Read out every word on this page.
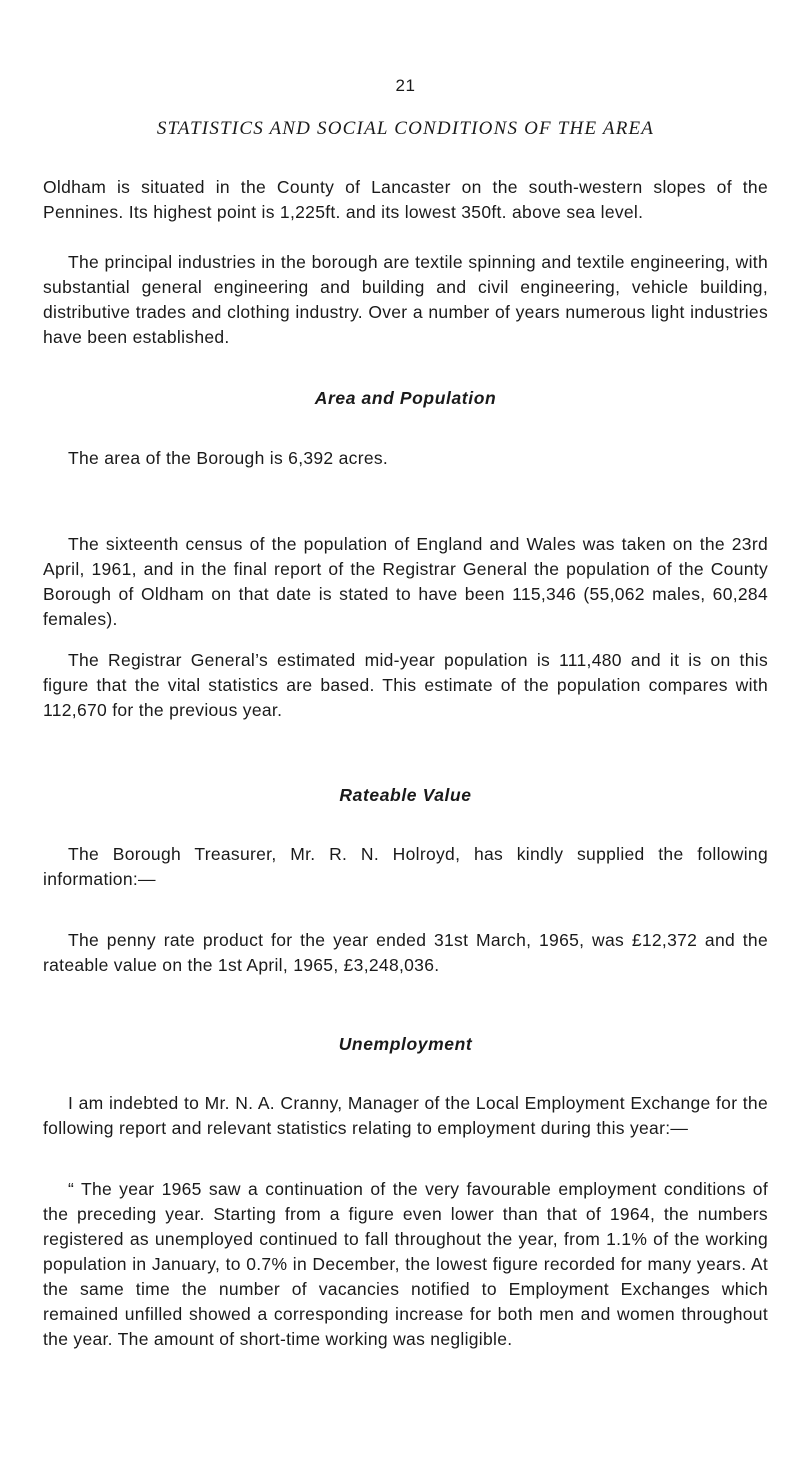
21
STATISTICS AND SOCIAL CONDITIONS OF THE AREA

Oldham is situated in the County of Lancaster on the south-western slopes of the Pennines. Its highest point is 1,225ft. and its lowest 350ft. above sea level.

The principal industries in the borough are textile spinning and textile engineering, with substantial general engineering and building and civil engineering, vehicle building, distributive trades and clothing industry. Over a number of years numerous light industries have been established.

Area and Population

The area of the Borough is 6,392 acres.

The sixteenth census of the population of England and Wales was taken on the 23rd April, 1961, and in the final report of the Registrar General the population of the County Borough of Oldham on that date is stated to have been 115,346 (55,062 males, 60,284 females).

The Registrar General’s estimated mid-year population is 111,480 and it is on this figure that the vital statistics are based. This estimate of the population compares with 112,670 for the previous year.

Rateable Value

The Borough Treasurer, Mr. R. N. Holroyd, has kindly supplied the following information:—

The penny rate product for the year ended 31st March, 1965, was £12,372 and the rateable value on the 1st April, 1965, £3,248,036.

Unemployment

I am indebted to Mr. N. A. Cranny, Manager of the Local Employment Exchange for the following report and relevant statistics relating to employment during this year:—

“ The year 1965 saw a continuation of the very favourable employment conditions of the preceding year. Starting from a figure even lower than that of 1964, the numbers registered as unemployed continued to fall throughout the year, from 1.1% of the working population in January, to 0.7% in December, the lowest figure recorded for many years. At the same time the number of vacancies notified to Employment Exchanges which remained unfilled showed a corresponding increase for both men and women throughout the year. The amount of short-time working was negligible.
